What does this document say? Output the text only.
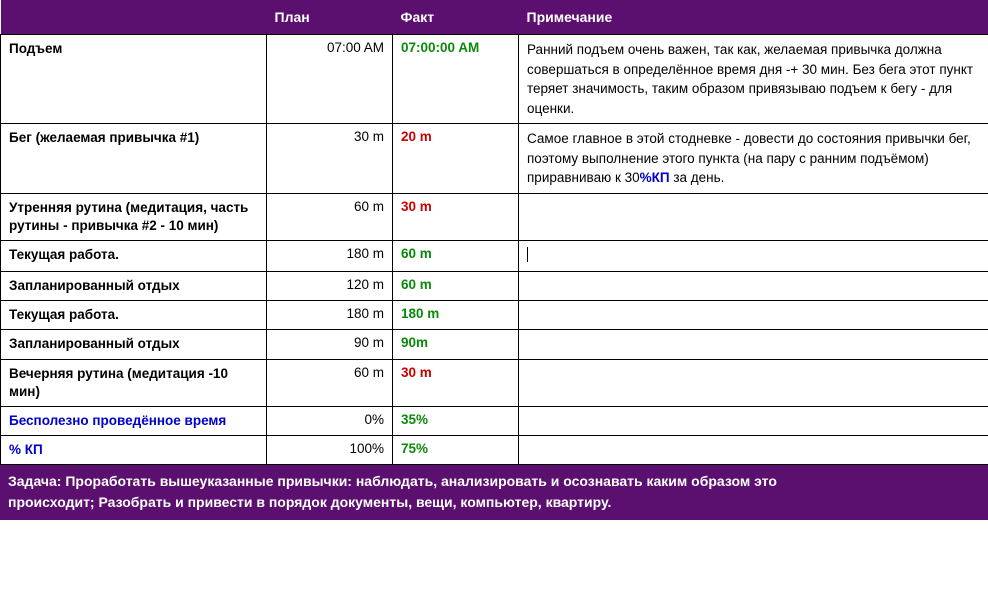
	План	Факт	Примечание
Подъем	07:00 AM	07:00:00 AM	Ранний подъем очень важен, так как, желаемая привычка должна совершаться в определённое время дня -+ 30 мин. Без бега этот пункт теряет значимость, таким образом привязываю подъем к бегу - для оценки.
Бег (желаемая привычка #1)	30 m	20 m	Самое главное в этой стодневке - довести до состояния привычки бег, поэтому выполнение этого пункта (на пару с ранним подъёмом) приравниваю к 30%КП за день.
Утренняя рутина (медитация, часть рутины - привычка #2 - 10 мин)	60 m	30 m	
Текущая работа.	180 m	60 m	
Запланированный отдых	120 m	60 m	
Текущая работа.	180 m	180 m	
Запланированный отдых	90 m	90m	
Вечерняя рутина (медитация -10 мин)	60 m	30 m	
Бесполезно проведённое время	0%	35%	
% КП	100%	75%	
Задача: Проработать вышеуказанные привычки: наблюдать, анализировать и осознавать каким образом это
происходит; Разобрать и привести в порядок документы, вещи, компьютер, квартиру.
